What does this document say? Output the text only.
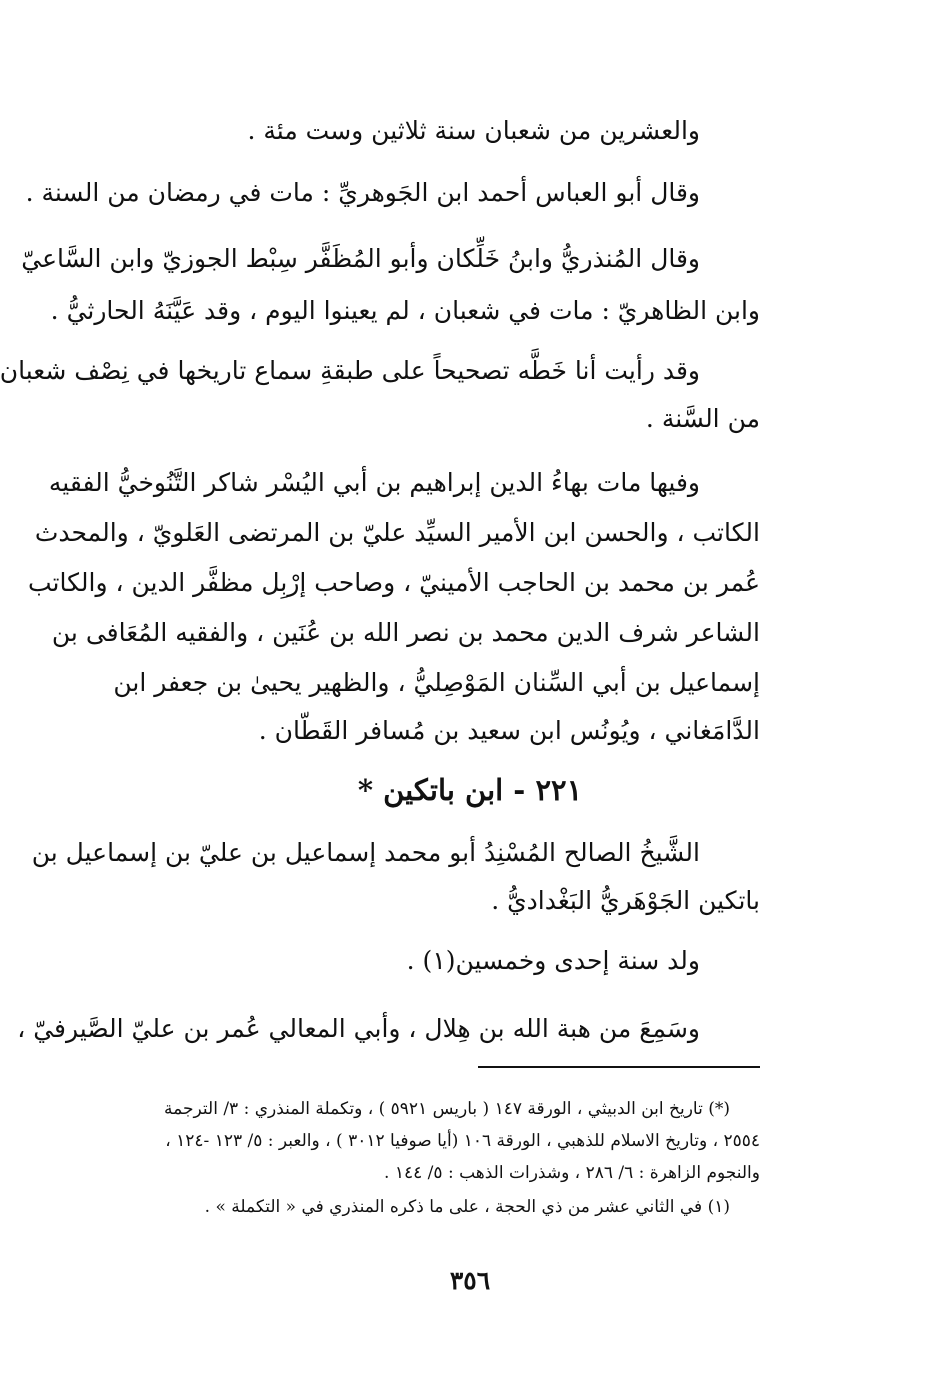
والعشرين من شعبان سنة ثلاثين وست مئة .
وقال أبو العباس أحمد ابن الجَوهريِّ : مات في رمضان من السنة .
وقال المُنذريُّ وابنُ خَلِّكان وأبو المُظَفَّر سِبْط الجوزيّ وابن السَّاعيّ
وابن الظاهريّ : مات في شعبان ، لم يعينوا اليوم ، وقد عَيَّنَهُ الحارثيُّ .
وقد رأيت أنا خَطَّه تصحيحاً على طبقةِ سماع تاريخها في نِصْف شعبان
من السَّنة .
وفيها مات بهاءُ الدين إبراهيم بن أبي اليُسْر شاكر التَّنُوخيُّ الفقيه
الكاتب ، والحسن ابن الأمير السيِّد عليّ بن المرتضى العَلويّ ، والمحدث
عُمر بن محمد بن الحاجب الأمينيّ ، وصاحب إرْبِل مظفَّر الدين ، والكاتب
الشاعر شرف الدين محمد بن نصر الله بن عُنَين ، والفقيه المُعَافى بن
إسماعيل بن أبي السِّنان المَوْصِليُّ ، والظهير يحيىٰ بن جعفر ابن
الدَّامَغاني ، ويُونُس ابن سعيد بن مُسافر القَطّان .
٢٢١ - ابن باتكين *
الشَّيخُ الصالح المُسْنِدُ أبو محمد إسماعيل بن عليّ بن إسماعيل بن
باتكين الجَوْهَريُّ البَغْداديُّ .
ولد سنة إحدى وخمسين(١) .
وسَمِعَ من هبة الله بن هِلال ، وأبي المعالي عُمر بن عليّ الصَّيرفيّ ،
(*) تاريخ ابن الدبيثي ، الورقة ١٤٧ ( باريس ٥٩٢١ ) ، وتكملة المنذري : ٣/ الترجمة
٢٥٥٤ ، وتاريخ الاسلام للذهبي ، الورقة ١٠٦ (أيا صوفيا ٣٠١٢ ) ، والعبر : ٥/ ١٢٣ -١٢٤ ،
والنجوم الزاهرة : ٦/ ٢٨٦ ، وشذرات الذهب : ٥/ ١٤٤ .
(١) في الثاني عشر من ذي الحجة ، على ما ذكره المنذري في « التكملة » .
٣٥٦
